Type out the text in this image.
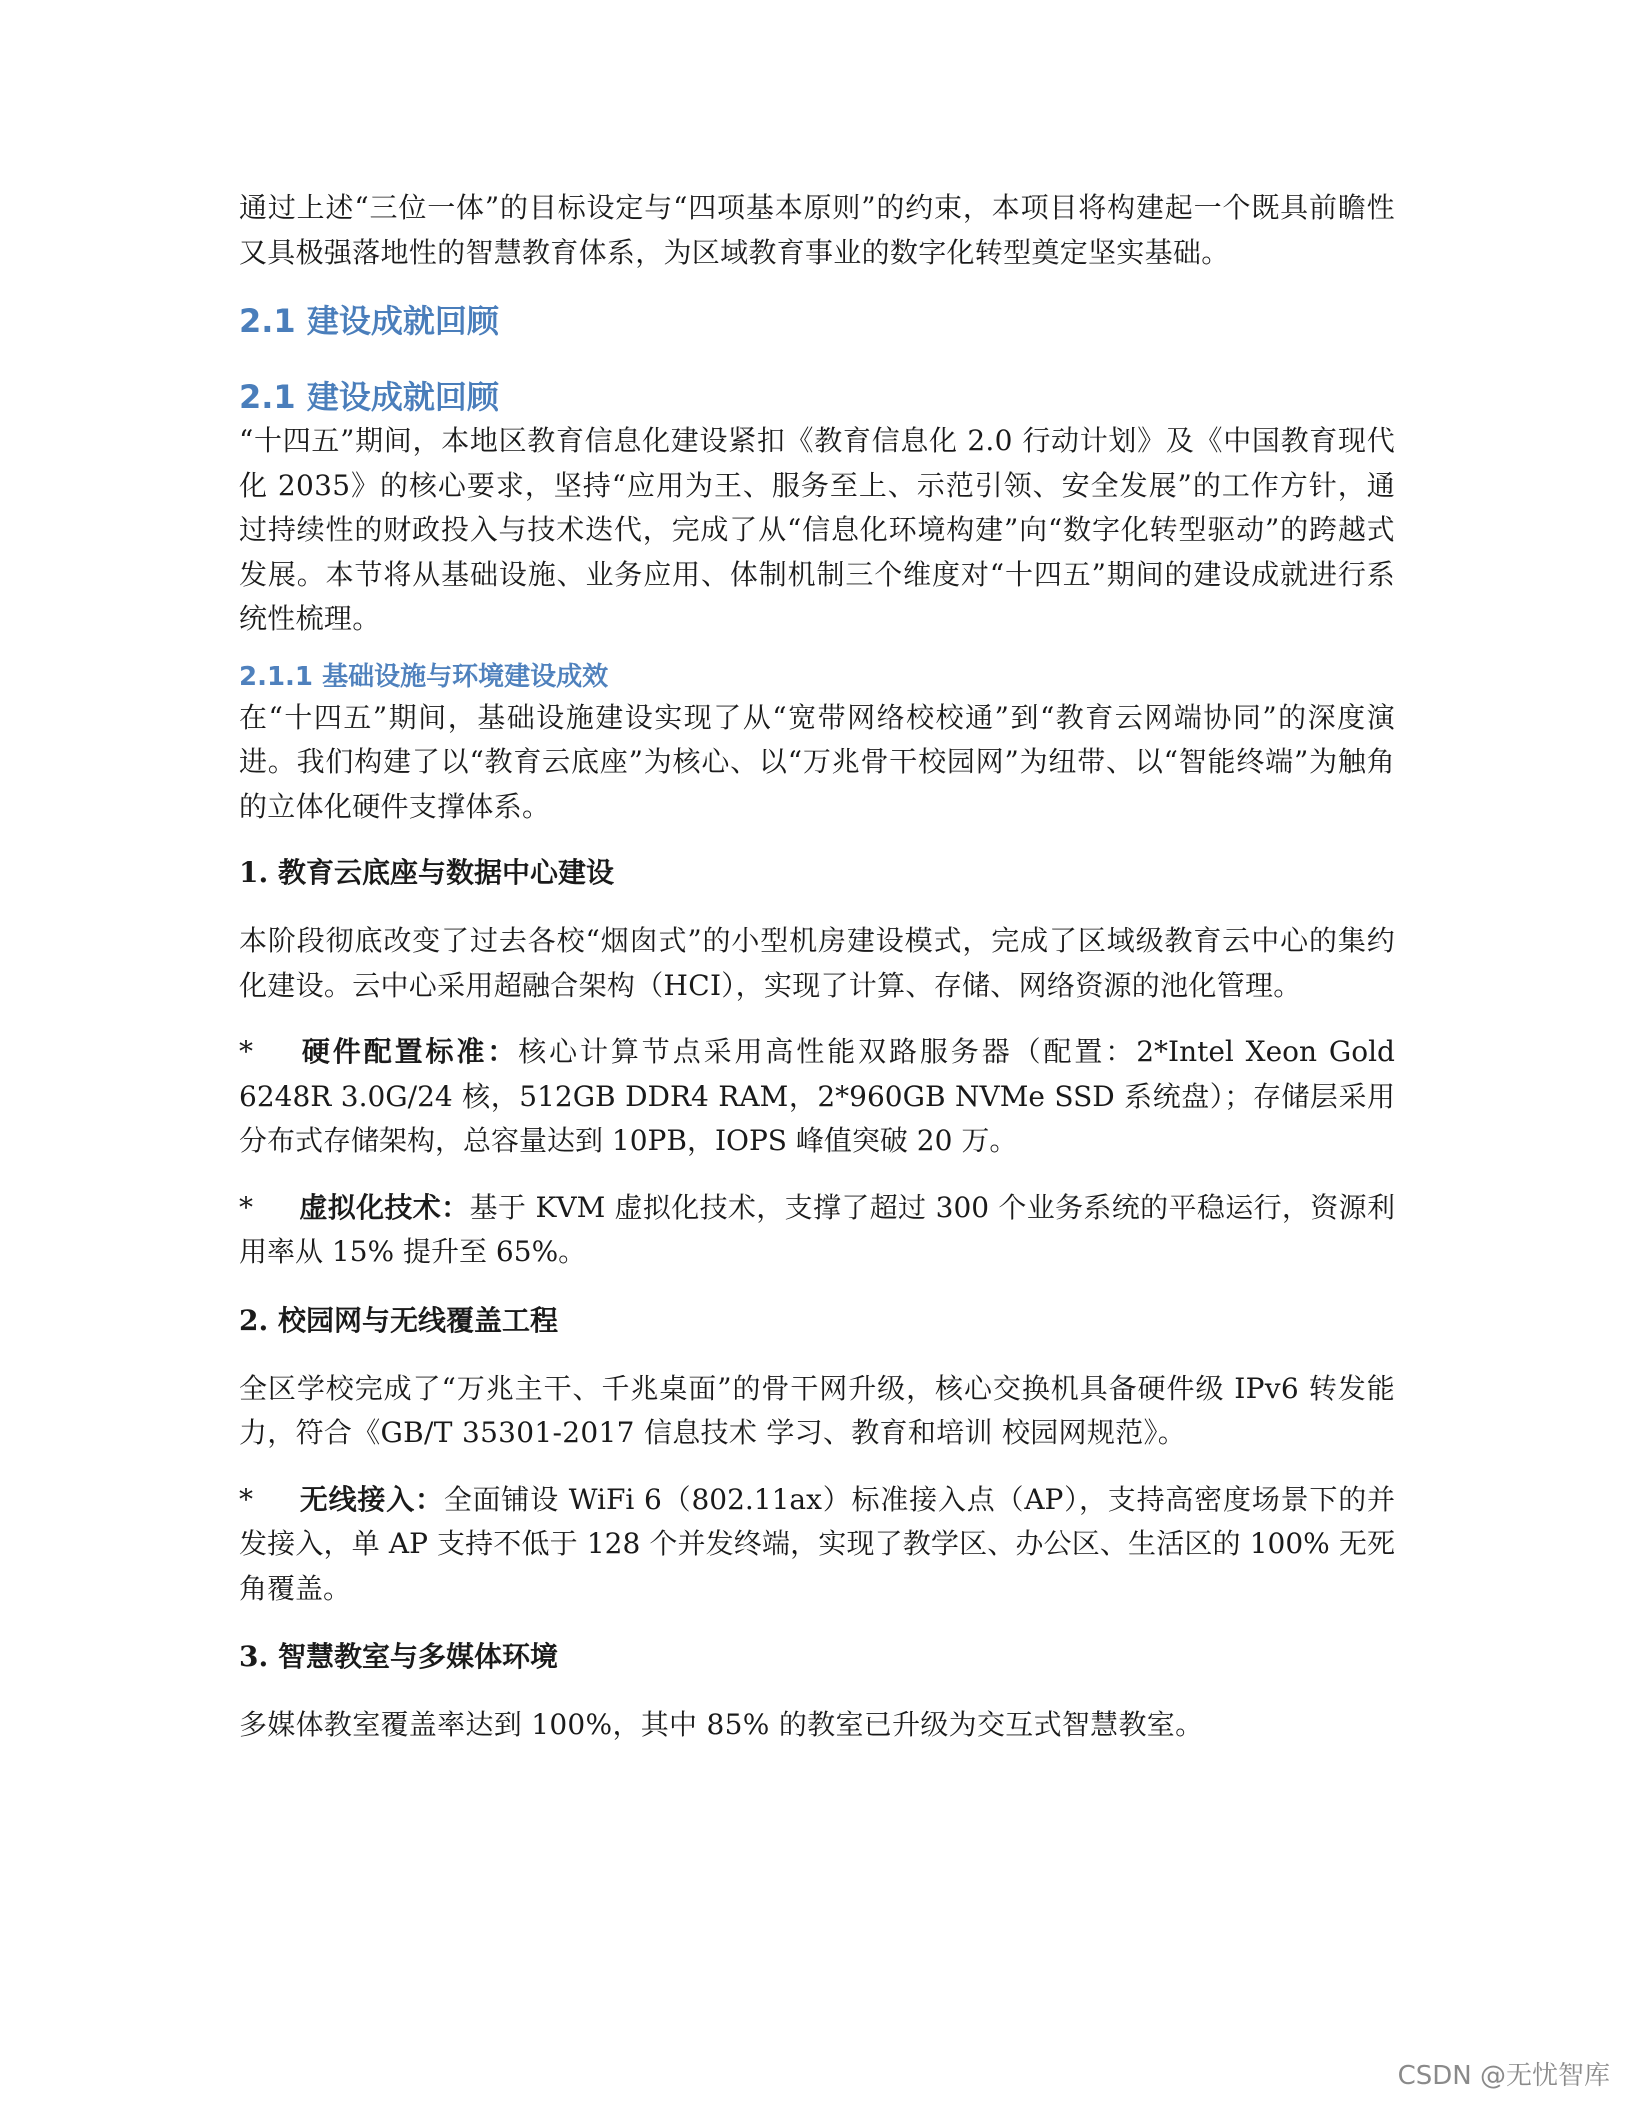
通过上述“三位一体”的目标设定与“四项基本原则”的约束，本项目将构建起一个既具前瞻性又具极强落地性的智慧教育体系，为区域教育事业的数字化转型奠定坚实基础。

2.1 建设成就回顾
2.1 建设成就回顾

“十四五”期间，本地区教育信息化建设紧扣《教育信息化 2.0 行动计划》及《中国教育现代化 2035》的核心要求，坚持“应用为王、服务至上、示范引领、安全发展”的工作方针，通过持续性的财政投入与技术迭代，完成了从“信息化环境构建”向“数字化转型驱动”的跨越式发展。本节将从基础设施、业务应用、体制机制三个维度对“十四五”期间的建设成就进行系统性梳理。

2.1.1 基础设施与环境建设成效

在“十四五”期间，基础设施建设实现了从“宽带网络校校通”到“教育云网端协同”的深度演进。我们构建了以“教育云底座”为核心、以“万兆骨干校园网”为纽带、以“智能终端”为触角的立体化硬件支撑体系。

1. 教育云底座与数据中心建设

本阶段彻底改变了过去各校“烟囱式”的小型机房建设模式，完成了区域级教育云中心的集约化建设。云中心采用超融合架构（HCI），实现了计算、存储、网络资源的池化管理。

* 硬件配置标准：核心计算节点采用高性能双路服务器（配置：2*Intel Xeon Gold 6248R 3.0G/24 核，512GB DDR4 RAM，2*960GB NVMe SSD 系统盘）；存储层采用分布式存储架构，总容量达到 10PB，IOPS 峰值突破 20 万。
* 虚拟化技术：基于 KVM 虚拟化技术，支撑了超过 300 个业务系统的平稳运行，资源利用率从 15% 提升至 65%。
2. 校园网与无线覆盖工程

全区学校完成了“万兆主干、千兆桌面”的骨干网升级，核心交换机具备硬件级 IPv6 转发能力，符合《GB/T 35301-2017 信息技术 学习、教育和培训 校园网规范》。

* 无线接入：全面铺设 WiFi 6（802.11ax）标准接入点（AP），支持高密度场景下的并发接入，单 AP 支持不低于 128 个并发终端，实现了教学区、办公区、生活区的 100% 无死角覆盖。
3. 智慧教室与多媒体环境

多媒体教室覆盖率达到 100%，其中 85% 的教室已升级为交互式智慧教室。

CSDN @无忧智库
